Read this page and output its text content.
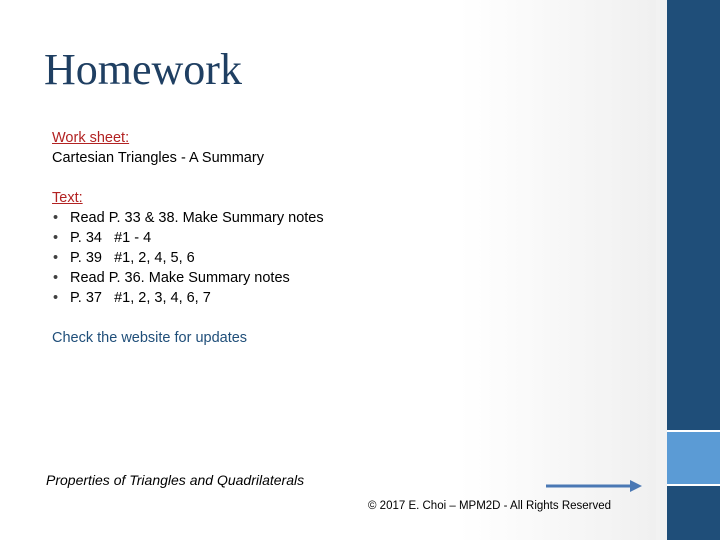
Homework
Work sheet:
Cartesian Triangles - A Summary
Text:
• Read P. 33 & 38. Make Summary notes
• P. 34   #1 - 4
• P. 39   #1, 2, 4, 5, 6
• Read P. 36. Make Summary notes
• P. 37   #1, 2, 3, 4, 6, 7
Check the website for updates
Properties of Triangles and Quadrilaterals
© 2017 E. Choi – MPM2D - All Rights Reserved
